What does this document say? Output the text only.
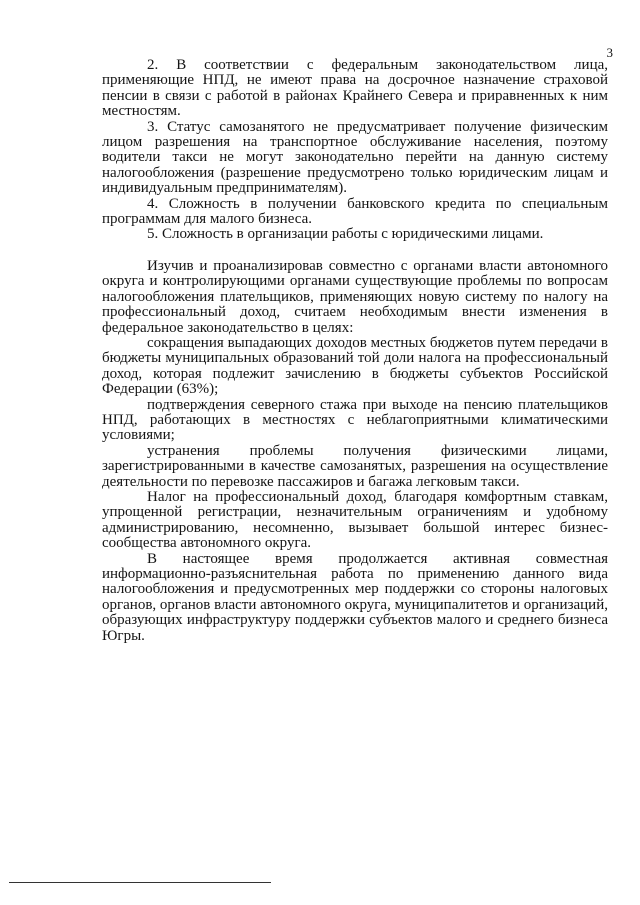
3

2. В соответствии с федеральным законодательством лица, применяющие НПД, не имеют права на досрочное назначение страховой пенсии в связи с работой в районах Крайнего Севера и приравненных к ним местностям.

3. Статус самозанятого не предусматривает получение физическим лицом разрешения на транспортное обслуживание населения, поэтому водители такси не могут законодательно перейти на данную систему налогообложения (разрешение предусмотрено только юридическим лицам и индивидуальным предпринимателям).

4. Сложность в получении банковского кредита по специальным программам для малого бизнеса.

5. Сложность в организации работы с юридическими лицами.

Изучив и проанализировав совместно с органами власти автономного округа и контролирующими органами существующие проблемы по вопросам налогообложения плательщиков, применяющих новую систему по налогу на профессиональный доход, считаем необходимым внести изменения в федеральное законодательство в целях:

сокращения выпадающих доходов местных бюджетов путем передачи в бюджеты муниципальных образований той доли налога на профессиональный доход, которая подлежит зачислению в бюджеты субъектов Российской Федерации (63%);

подтверждения северного стажа при выходе на пенсию плательщиков НПД, работающих в местностях с неблагоприятными климатическими условиями;

устранения проблемы получения физическими лицами, зарегистрированными в качестве самозанятых, разрешения на осуществление деятельности по перевозке пассажиров и багажа легковым такси.

Налог на профессиональный доход, благодаря комфортным ставкам, упрощенной регистрации, незначительным ограничениям и удобному администрированию, несомненно, вызывает большой интерес бизнес-сообщества автономного округа.

В настоящее время продолжается активная совместная информационно-разъяснительная работа по применению данного вида налогообложения и предусмотренных мер поддержки со стороны налоговых органов, органов власти автономного округа, муниципалитетов и организаций, образующих инфраструктуру поддержки субъектов малого и среднего бизнеса Югры.
